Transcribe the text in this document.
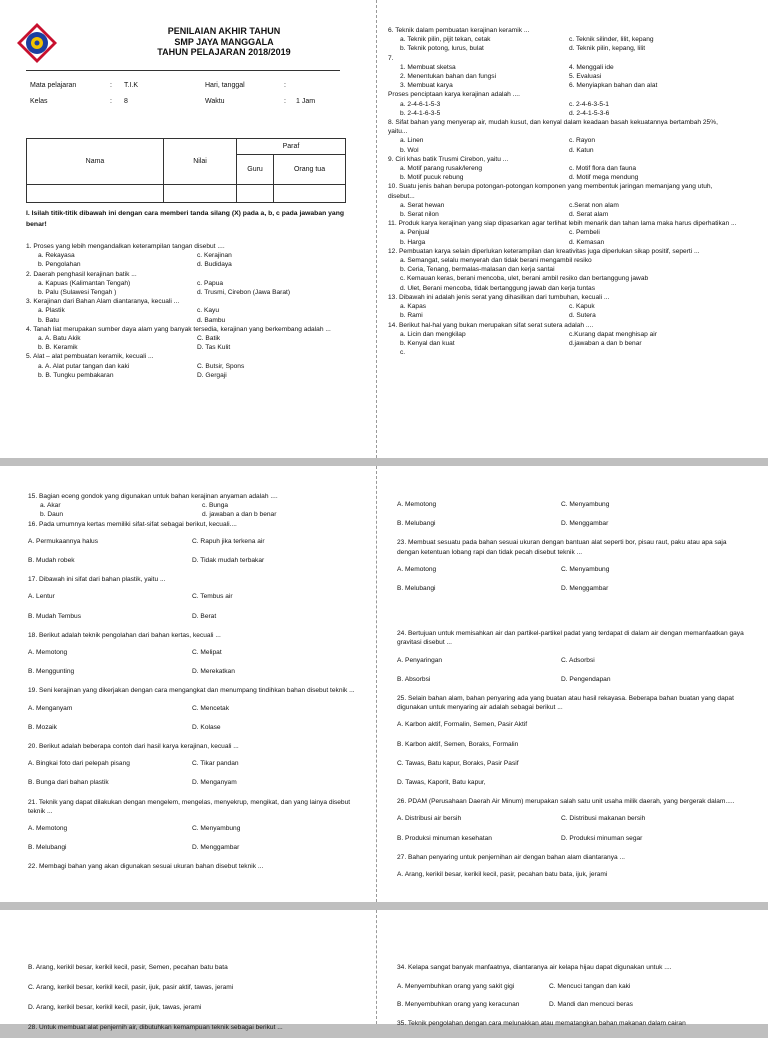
PENILAIAN AKHIR TAHUN
SMP JAYA MANGGALA
TAHUN PELAJARAN 2018/2019
Mata pelajaran	: T.I.K	Hari, tanggal	:
Kelas	: 8	Waktu	: 1 Jam
Nama	Nilai	Paraf	
		Guru	Orang tua

I. Isilah titik-titik dibawah ini dengan cara memberi tanda silang (X) pada a, b, c pada jawaban yang benar!
1. Proses yang lebih mengandalkan keterampilan tangan disebut ....
a. Rekayasa	c. Kerajinan
b. Pengolahan	d. Budidaya
2. Daerah penghasil kerajinan batik ...
a. Kapuas (Kalimantan Tengah)	c. Papua
b. Palu (Sulawesi Tengah )	d. Trusmi, Cirebon (Jawa Barat)
3. Kerajinan dari Bahan Alam diantaranya, kecuali ...
a. Plastik	c. Kayu
b. Batu	d. Bambu
4. Tanah liat merupakan sumber daya alam yang banyak tersedia, kerajinan yang berkembang adalah ...
a. A. Batu Akik	C. Batik
b. B. Keramik	D. Tas Kulit
5. Alat – alat pembuatan keramik, kecuali ...
a. A. Alat putar tangan dan kaki	C. Butsir, Spons
b. B. Tungku pembakaran	D. Gergaji
6. Teknik dalam pembuatan kerajinan keramik ...
a. Teknik pilin, pijit tekan, cetak	c. Teknik silinder, lilit, kepang
b. Teknik potong, lurus, bulat	d. Teknik pilin, kepang, lilit
7.
1. Membuat sketsa	4. Menggali ide
2. Menentukan bahan dan fungsi	5. Evaluasi
3. Membuat karya	6. Menyiapkan bahan dan alat
Proses penciptaan karya kerajinan adalah ....
a. 2-4-6-1-5-3	c. 2-4-6-3-5-1
b. 2-4-1-6-3-5	d. 2-4-1-5-3-6
8. Sifat bahan yang menyerap air, mudah kusut, dan kenyal dalam keadaan basah kekuatannya bertambah 25%, yaitu...
a. Linen	c. Rayon
b. Wol	d. Katun
9. Ciri khas batik Trusmi Cirebon, yaitu ...
a. Motif parang rusak/lereng	c. Motif flora dan fauna
b. Motif pucuk rebung	d. Motif mega mendung
10. Suatu jenis bahan berupa potongan-potongan komponen yang membentuk jaringan memanjang yang utuh, disebut...
a. Serat hewan	c.Serat non alam
b. Serat nilon	d. Serat alam
11. Produk karya kerajinan yang siap dipasarkan agar terlihat lebih menarik dan tahan lama maka harus diperhatikan ...
a. Penjual	c. Pembeli
b. Harga	d. Kemasan
12. Pembuatan karya selain diperlukan keterampilan dan kreativitas juga diperlukan sikap positif, seperti ...
a. Semangat, selalu menyerah dan tidak berani mengambil resiko
b. Ceria, Tenang, bermalas-malasan dan kerja santai
c. Kemauan keras, berani mencoba, ulet, berani ambil resiko dan bertanggung jawab
d. Ulet, Berani mencoba, tidak bertanggung jawab dan kerja tuntas
13. Dibawah ini adalah jenis serat yang dihasilkan dari tumbuhan, kecuali ...
a. Kapas	c. Kapuk
b. Rami	d. Sutera
14. Berikut hal-hal yang bukan merupakan sifat serat sutera adalah ....
a. Licin dan mengkilap	c.Kurang dapat menghisap air
b. Kenyal dan kuat	d.jawaban a dan b benar
c.
15. Bagian eceng gondok yang digunakan untuk bahan kerajinan anyaman adalah ....
a. Akar	c. Bunga
b. Daun	d. jawaban a dan b benar
16. Pada umumnya kertas memiliki sifat-sifat sebagai berikut, kecuali....
A. Permukaannya halus	C. Rapuh jika terkena air
B. Mudah robek	D. Tidak mudah terbakar
17. Dibawah ini sifat dari bahan plastik, yaitu ...
A. Lentur	C. Tembus air
B. Mudah Tembus	D. Berat
18. Berikut adalah teknik pengolahan dari bahan kertas, kecuali ...
A. Memotong	C. Melipat
B. Menggunting	D. Merekatkan
19. Seni kerajinan yang dikerjakan dengan cara mengangkat dan menumpang tindihkan bahan disebut teknik ...
A. Menganyam	C. Mencetak
B. Mozaik	D. Kolase
20. Berikut adalah beberapa contoh dari hasil karya kerajinan, kecuali ...
A. Bingkai foto dari pelepah pisang	C. Tikar pandan
B. Bunga dari bahan plastik	D. Menganyam
21. Teknik yang dapat dilakukan dengan mengelem, mengelas, menyekrup, mengikat, dan yang lainya disebut teknik ...
A. Memotong	C. Menyambung
B. Melubangi	D. Menggambar
22. Membagi bahan yang akan digunakan sesuai ukuran bahan disebut teknik ...
A. Memotong	C. Menyambung
B. Melubangi	D. Menggambar
23. Membuat sesuatu pada bahan sesuai ukuran dengan bantuan alat seperti bor, pisau raut, paku atau apa saja dengan ketentuan lobang rapi dan tidak pecah disebut teknik ...
A. Memotong	C. Menyambung
B. Melubangi	D. Menggambar
24. Bertujuan untuk memisahkan air dan partikel-partikel padat yang terdapat di dalam air dengan memanfaatkan gaya gravitasi disebut ...
A. Penyaringan	C. Adsorbsi
B. Absorbsi	D. Pengendapan
25. Selain bahan alam, bahan penyaring ada yang buatan atau hasil rekayasa. Beberapa bahan buatan yang dapat digunakan untuk menyaring air adalah sebagai berikut ...
A. Karbon aktif, Formalin, Semen, Pasir Aktif
B. Karbon aktif, Semen, Boraks, Formalin
C. Tawas, Batu kapur, Boraks, Pasir Pasif
D. Tawas, Kaporit, Batu kapur,
26. PDAM (Perusahaan Daerah Air Minum) merupakan salah satu unit usaha milik daerah, yang bergerak dalam.....
A. Distribusi air bersih	C. Distribusi makanan bersih
B. Produksi minuman kesehatan	D. Produksi minuman segar
27. Bahan penyaring untuk penjernihan air dengan bahan alam diantaranya ...
A. Arang, kerikil besar, kerikil kecil, pasir, pecahan batu bata, ijuk, jerami
B. Arang, kerikil besar, kerikil kecil, pasir, Semen, pecahan batu bata
C. Arang, kerikil besar, kerikil kecil, pasir, ijuk, pasir aktif, tawas, jerami
D. Arang, kerikil besar, kerikil kecil, pasir, ijuk, tawas, jerami
28. Untuk membuat alat penjernih air, dibutuhkan kemampuan teknik sebagai berikut ...
34. Kelapa sangat banyak manfaatnya, diantaranya air kelapa hijau dapat digunakan untuk ....
A. Menyembuhkan orang yang sakit gigi	C. Mencuci tangan dan kaki
B. Menyembuhkan orang yang keracunan	D. Mandi dan mencuci beras
35. Teknik pengolahan dengan cara melunakkan atau mematangkan bahan makanan dalam cairan
